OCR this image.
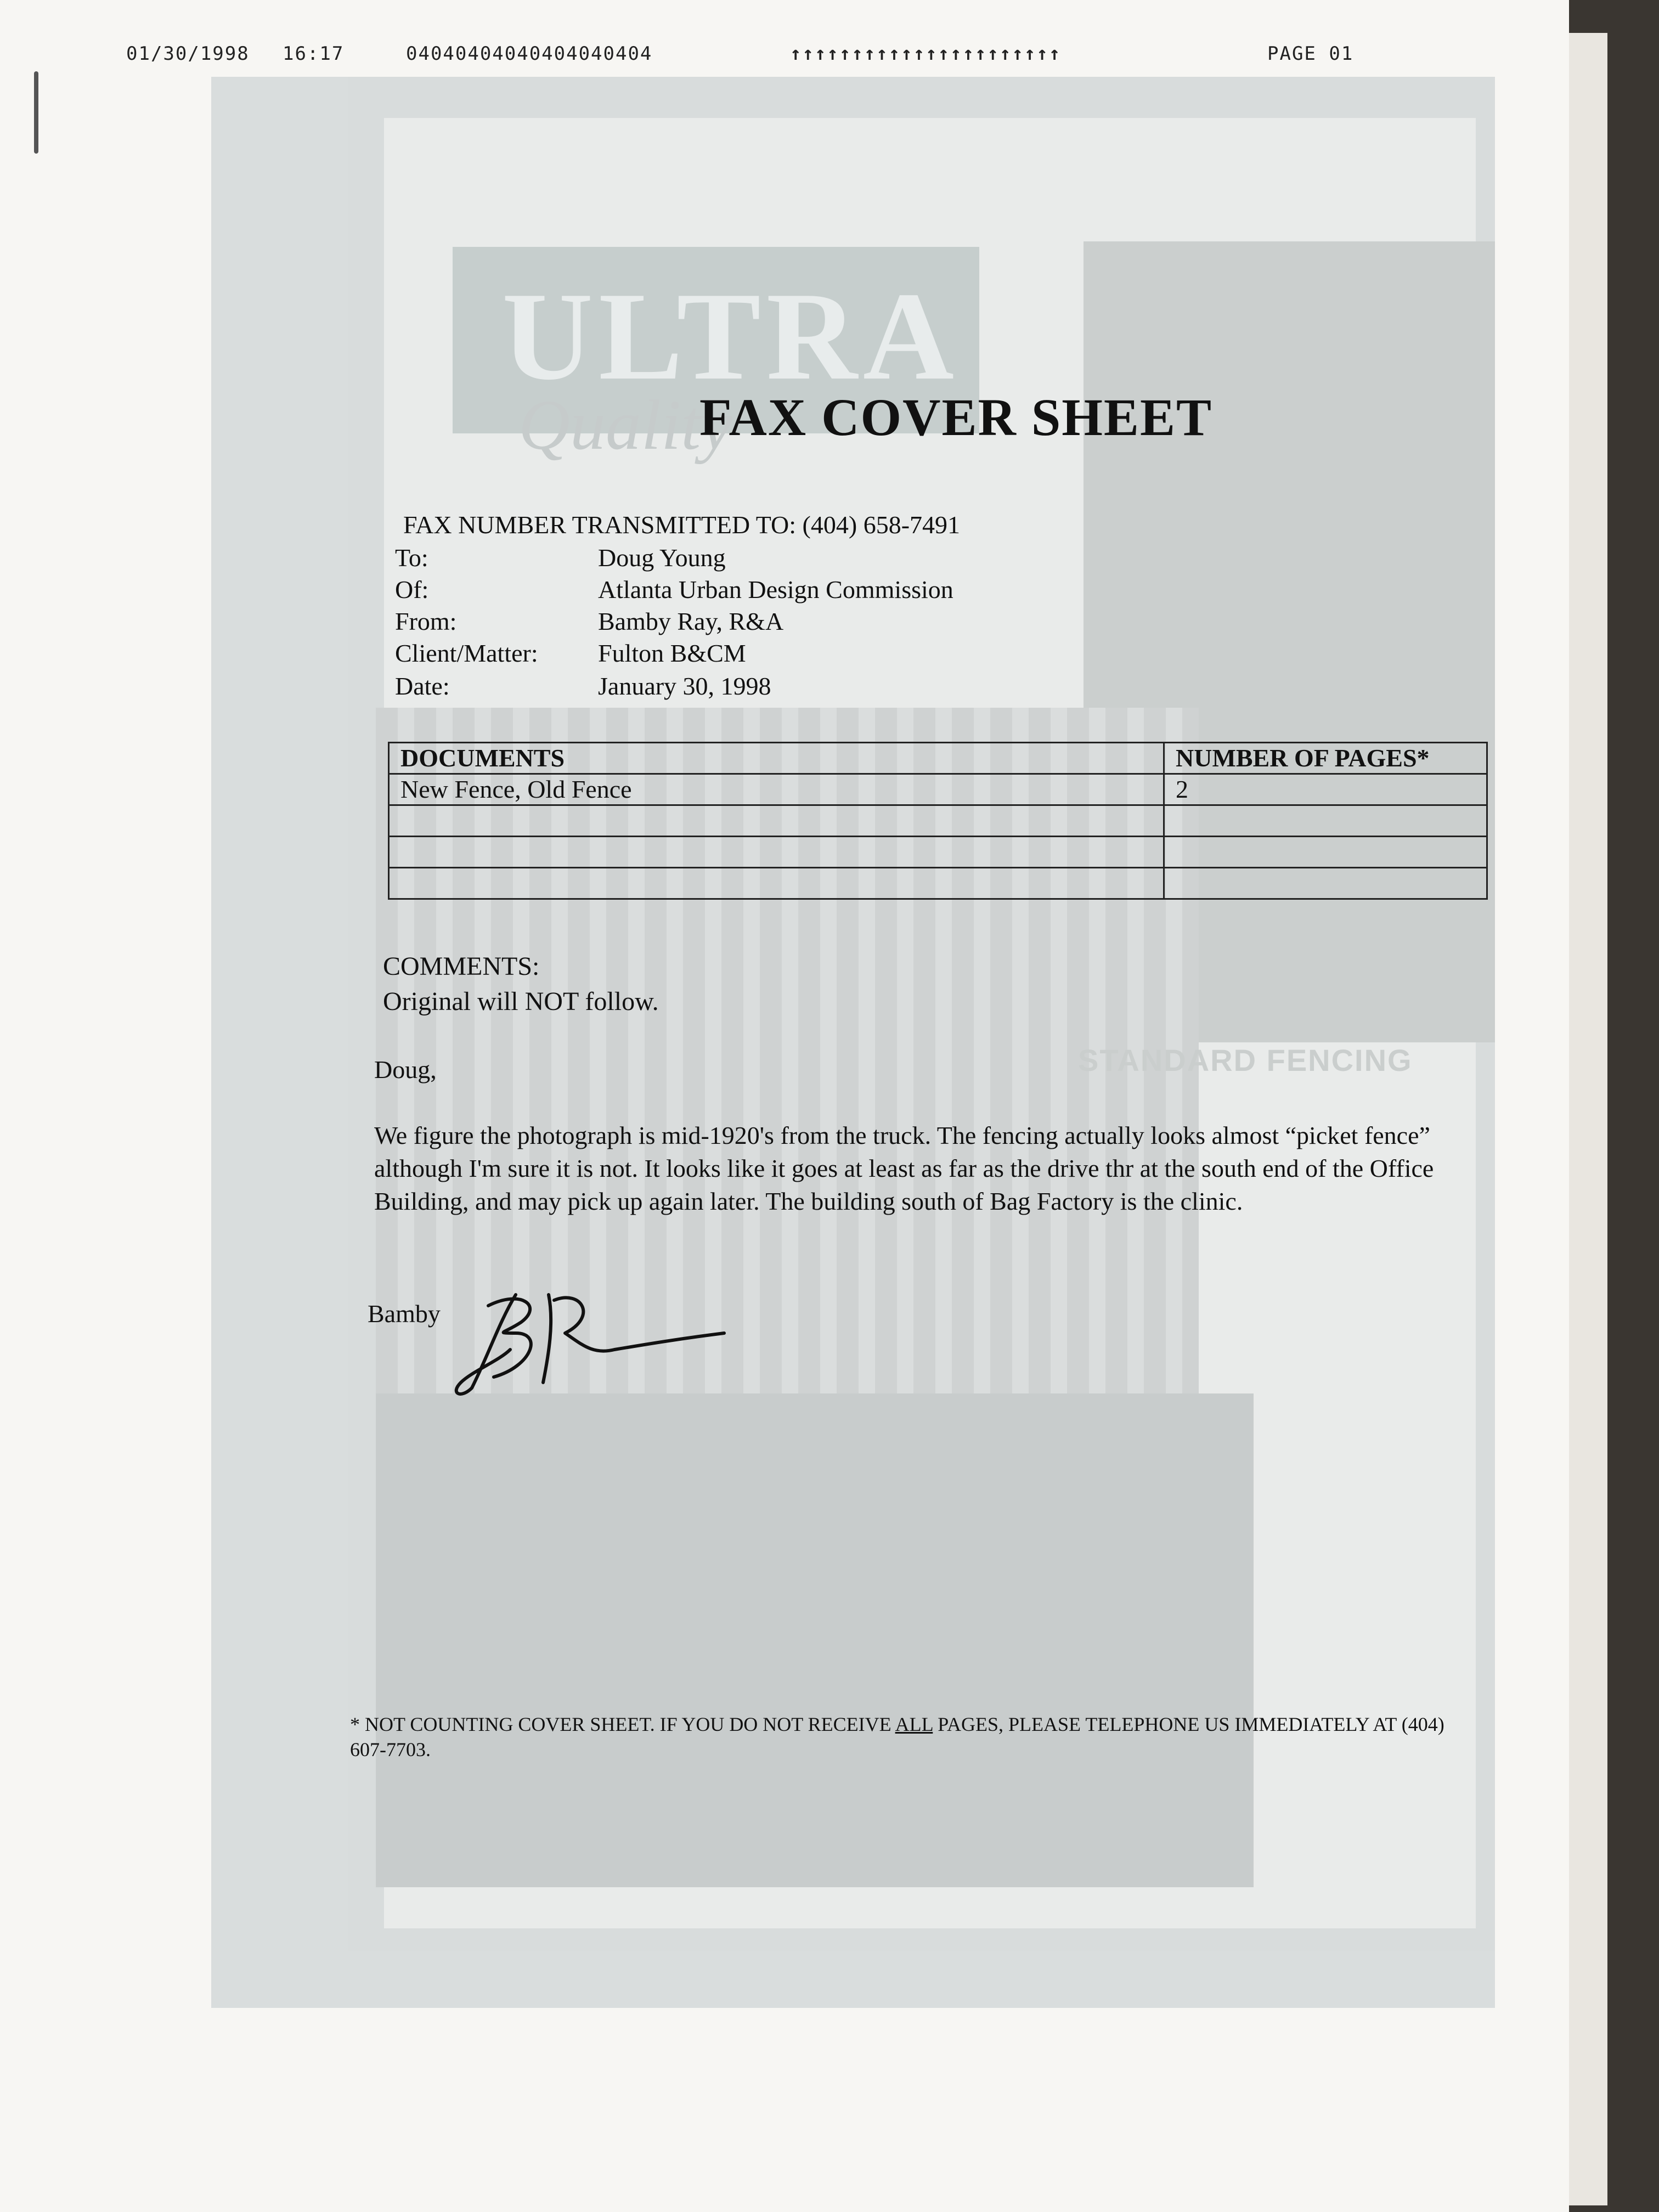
01/30/1998 16:17	04040404040404040404	↑↑↑↑↑↑↑↑↑↑↑↑↑↑↑↑↑↑↑↑↑↑	PAGE 01
ULTRA
Quality
STANDARD FENCING
FAX COVER SHEET
FAX NUMBER TRANSMITTED TO: (404) 658-7491
To:	Doug Young
Of:	Atlanta Urban Design Commission
From:	Bamby Ray, R&A
Client/Matter: Fulton B&CM
Date:	January 30, 1998
DOCUMENTS	NUMBER OF PAGES*
New Fence, Old Fence	2

COMMENTS:
Original will NOT follow.
Doug,
We figure the photograph is mid-1920's from the truck. The fencing actually looks almost “picket fence” although I'm sure it is not. It looks like it goes at least as far as the drive thr at the south end of the Office Building, and may pick up again later. The building south of Bag Factory is the clinic.
Bamby
* NOT COUNTING COVER SHEET. IF YOU DO NOT RECEIVE ALL PAGES, PLEASE TELEPHONE US IMMEDIATELY AT (404) 607-7703.
